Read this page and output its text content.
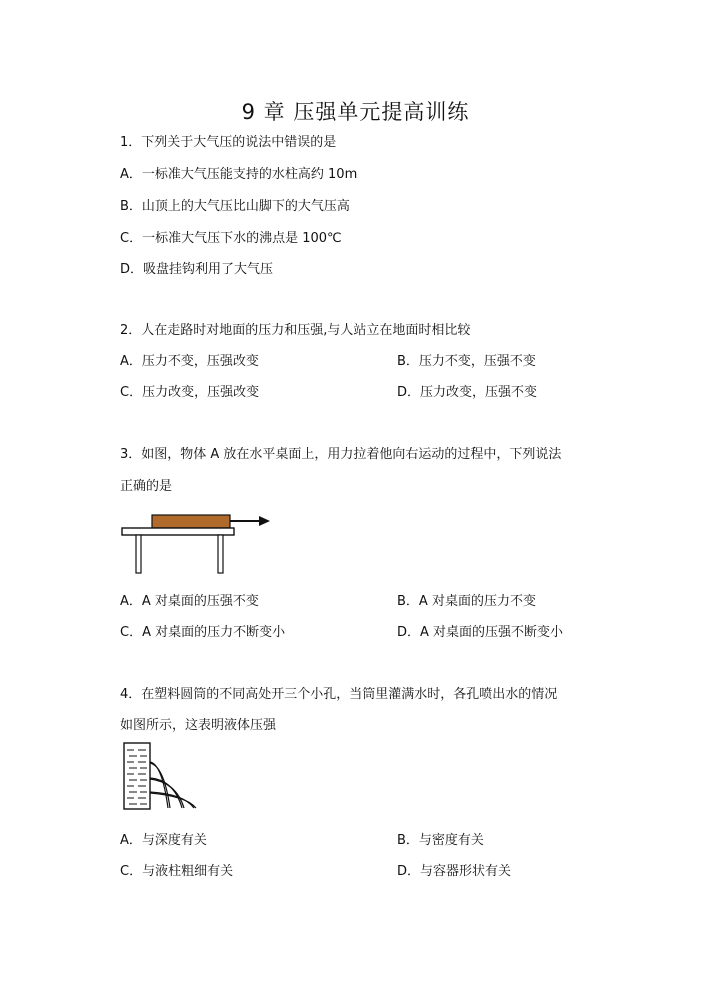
9 章 压强单元提高训练
1．下列关于大气压的说法中错误的是
A．一标准大气压能支持的水柱高约 10m
B．山顶上的大气压比山脚下的大气压高
C．一标准大气压下水的沸点是 100℃
D．吸盘挂钩利用了大气压
2．人在走路时对地面的压力和压强,与人站立在地面时相比较
A．压力不变，压强改变	B．压力不变，压强不变
C．压力改变，压强改变	D．压力改变，压强不变
3．如图，物体 A 放在水平桌面上，用力拉着他向右运动的过程中，下列说法
正确的是
A．A 对桌面的压强不变	B．A 对桌面的压力不变
C．A 对桌面的压力不断变小	D．A 对桌面的压强不断变小
4．在塑料圆筒的不同高处开三个小孔，当筒里灌满水时，各孔喷出水的情况
如图所示，这表明液体压强
A．与深度有关	B．与密度有关
C．与液柱粗细有关	D．与容器形状有关
